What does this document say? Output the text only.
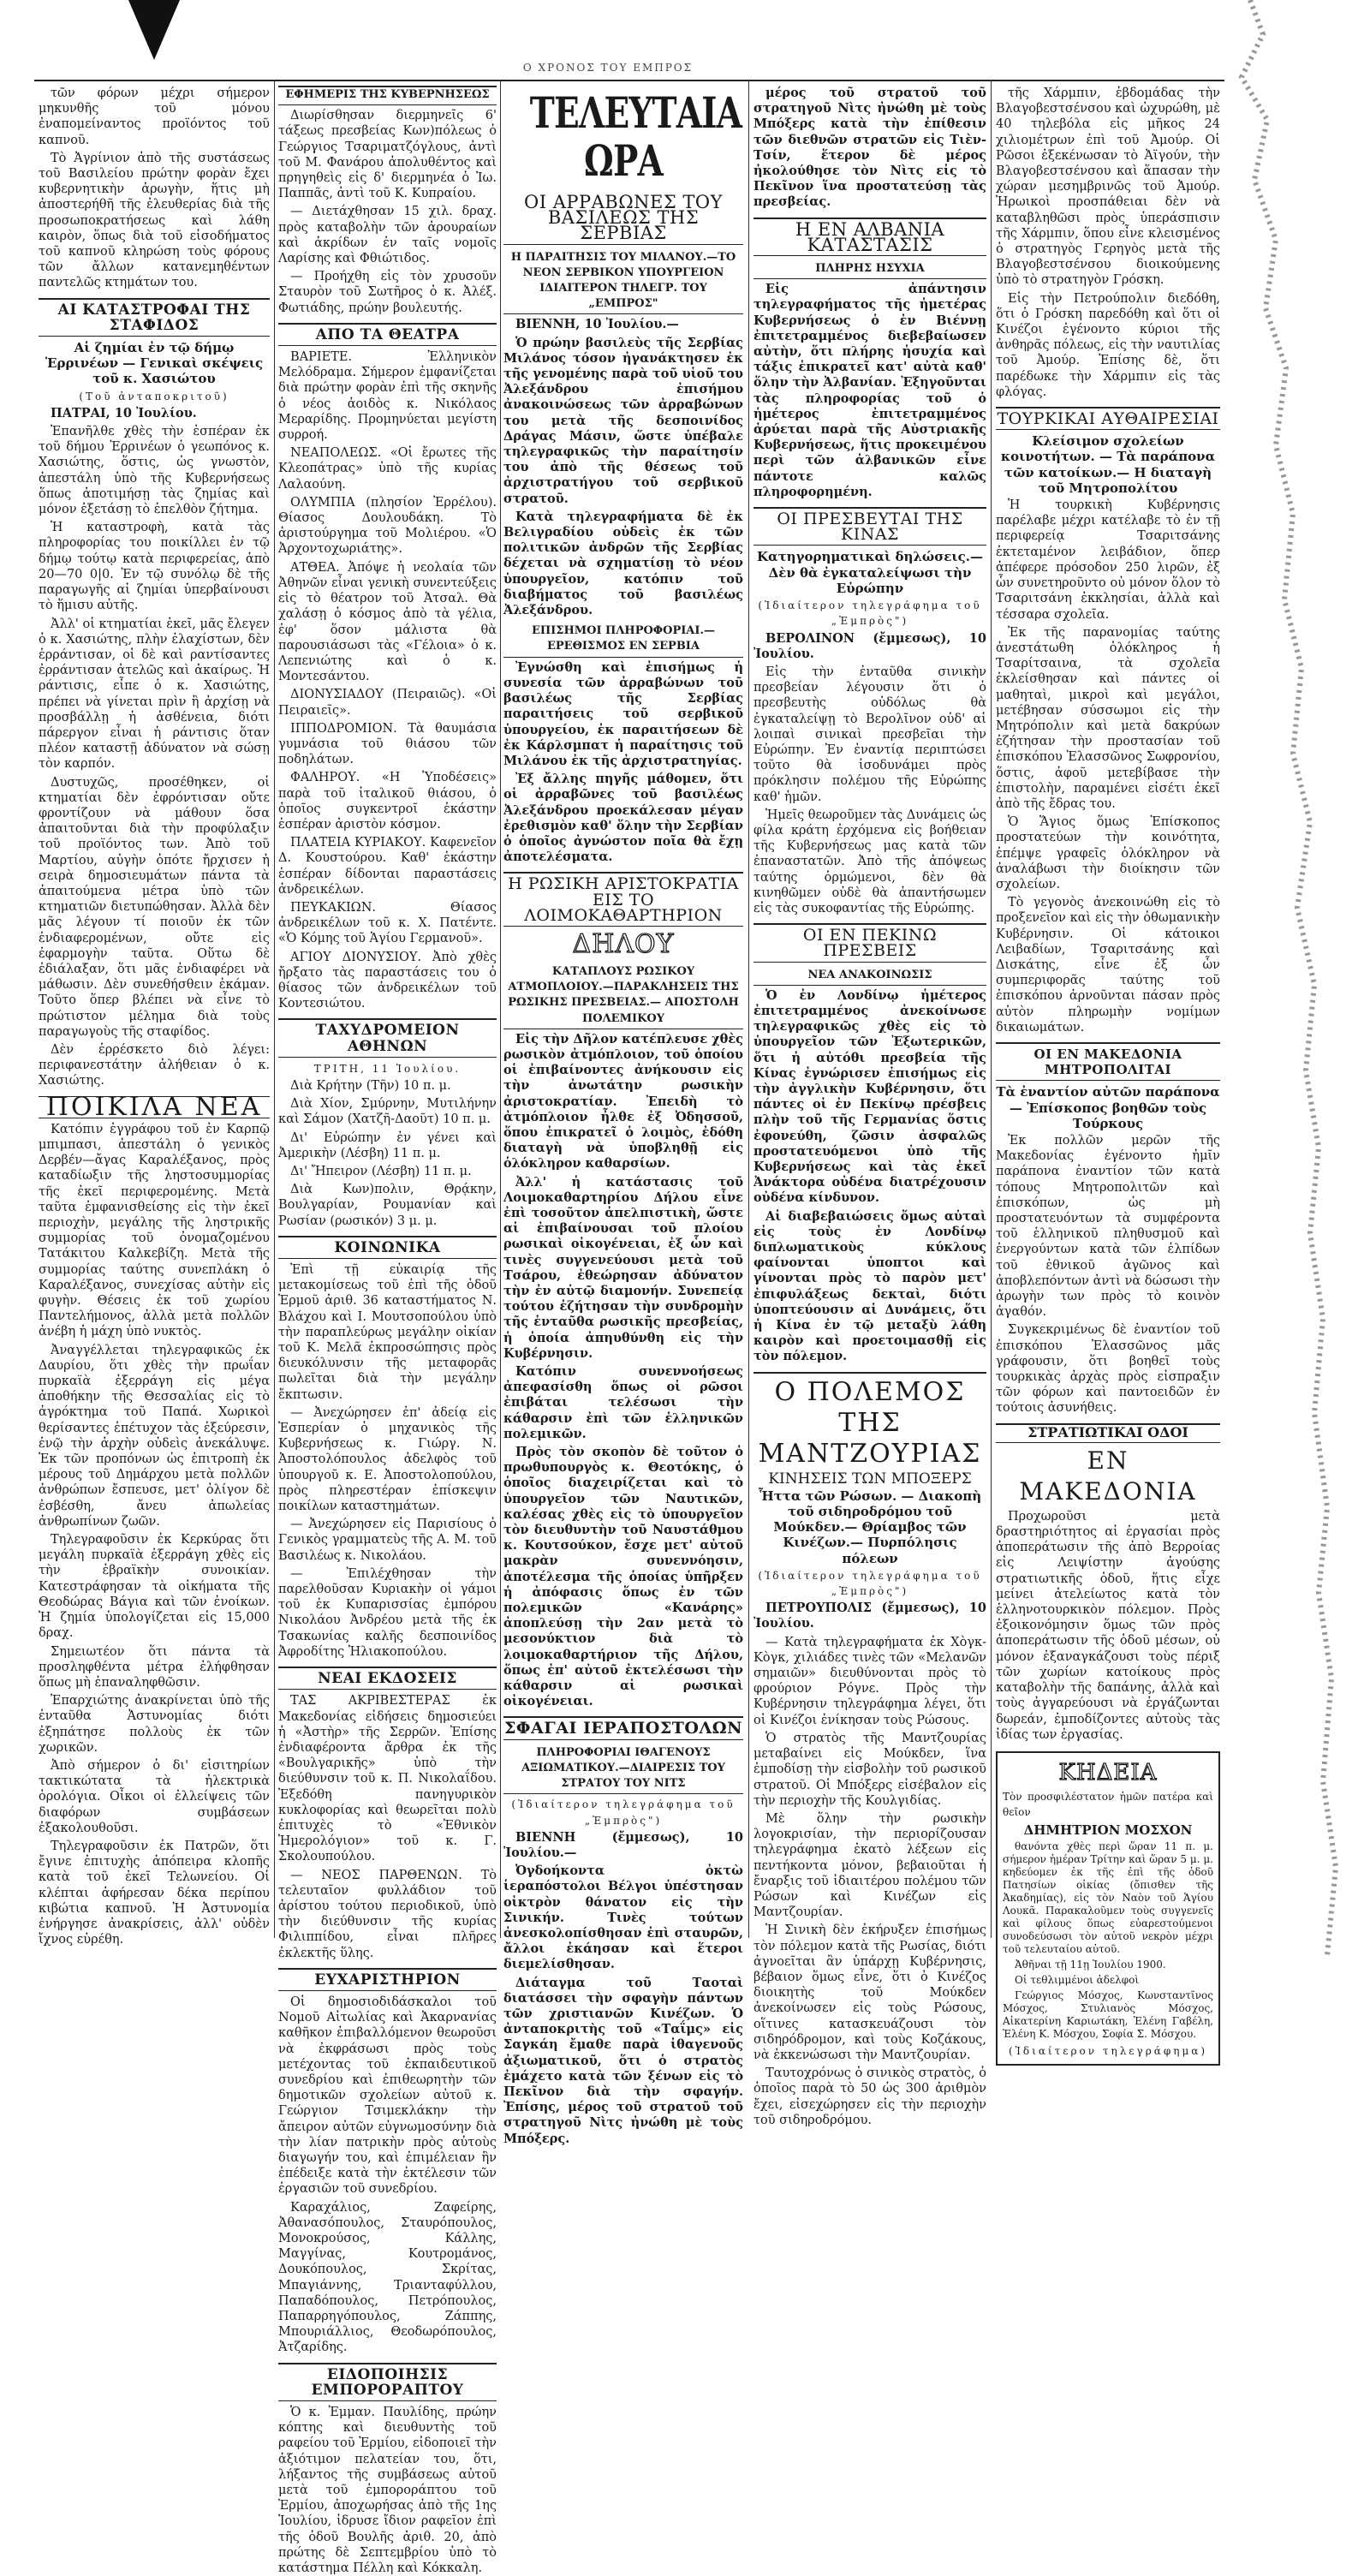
Ο ΧΡΟΝΟΣ ΤΟΥ ΕΜΠΡΟΣ

τῶν φόρων μέχρι σήμερον μηκυνθῆς τοῦ μόνου ἐναπομείναντος προϊόντος τοῦ καπνοῦ.

Τὸ Ἀγρίνιον ἀπὸ τῆς συστάσεως τοῦ Βασιλείου πρώτην φορὰν ἔχει κυβερνητικὴν ἀρωγὴν, ἥτις μὴ ἀποστερήθῆ τῆς ἐλευθερίας διὰ τῆς προσωποκρατήσεως καὶ λάθη καιρὸν, ὅπως διὰ τοῦ εἰσοδήματος τοῦ καπνοῦ κληρώση τοὺς φόρους τῶν ἄλλων κατανεμηθέντων παντελῶς κτημάτων του.

ΑΙ ΚΑΤΑΣΤΡΟΦΑΙ ΤΗΣ ΣΤΑΦΙΔΟΣ
Αἱ ζημίαι ἐν τῷ δήμῳ Ἐρρινέων — Γενικαὶ σκέψεις τοῦ κ. Χασιώτου
(Τοῦ ἀνταποκριτοῦ)

ΠΑΤΡΑΙ, 10 Ἰουλίου.

Ἐπανῆλθε χθὲς τὴν ἑσπέραν ἐκ τοῦ δήμου Ἐρρινέων ὁ γεωπόνος κ. Χασιώτης, ὅστις, ὡς γνωστὸν, ἀπεστάλη ὑπὸ τῆς Κυβερνήσεως ὅπως ἀποτιμήσῃ τὰς ζημίας καὶ μόνον ἐξετάσῃ τὸ ἐπελθὸν ζήτημα.

Ἡ καταστροφὴ, κατὰ τὰς πληροφορίας του ποικίλλει ἐν τῷ δήμῳ τούτῳ κατὰ περιφερείας, ἀπὸ 20—70 0|0. Ἐν τῷ συνόλῳ δὲ τῆς παραγωγῆς αἱ ζημίαι ὑπερβαίνουσι τὸ ἥμισυ αὐτῆς.

Ἀλλ' οἱ κτηματίαι ἐκεῖ, μᾶς ἔλεγεν ὁ κ. Χασιώτης, πλὴν ἐλαχίστων, δὲν ἐρράντισαν, οἱ δὲ καὶ ραντίσαντες ἐρράντισαν ἀτελῶς καὶ ἀκαίρως. Ἡ ράντισις, εἶπε ὁ κ. Χασιώτης, πρέπει νὰ γίνεται πρὶν ἢ ἀρχίσῃ νὰ προσβάλλῃ ἡ ἀσθένεια, διότι πάρεργον εἶναι ἡ ράντισις ὅταν πλέον καταστῇ ἀδύνατον νὰ σώσῃ τὸν καρπόν.

Δυστυχῶς, προσέθηκεν, οἱ κτηματίαι δὲν ἐφρόντισαν οὔτε φροντίζουν νὰ μάθουν ὅσα ἀπαιτοῦνται διὰ τὴν προφύλαξιν τοῦ προϊόντος των. Ἀπὸ τοῦ Μαρτίου, αὐγὴν ὁπότε ἤρχισεν ἡ σειρὰ δημοσιευμάτων πάντα τὰ ἀπαιτούμενα μέτρα ὑπὸ τῶν κτηματιῶν διετυπώθησαν. Ἀλλὰ δὲν μᾶς λέγουν τί ποιοῦν ἐκ τῶν ἐνδιαφερομένων, οὔτε εἰς ἐφαρμογὴν ταῦτα. Οὕτω δὲ ἐδιάλαξαν, ὅτι μᾶς ἐνδιαφέρει νὰ μάθωσιν. Δὲν συνεθήσθειν ἐκάμαν. Τοῦτο ὅπερ βλέπει νὰ εἶνε τὸ πρώτιστον μέλημα διὰ τοὺς παραγωγοὺς τῆς σταφίδος.

Δὲν ἐρρέσκετο διὸ λέγει: περιφανεστάτην ἀλήθειαν ὁ κ. Χασιώτης.

ΠΟΙΚΙΛΑ ΝΕΑ

Κατόπιν ἐγγράφου τοῦ ἐν Καρπῷ μπιμπασι, ἀπεστάλη ὁ γενικὸς Δερβέν—ἄγας Καραλέξανος, πρὸς καταδίωξιν τῆς ληστοσυμμορίας τῆς ἐκεῖ περιφερομένης. Μετὰ ταῦτα ἐμφανισθείσης εἰς τὴν ἐκεῖ περιοχὴν, μεγάλης τῆς ληστρικῆς συμμορίας τοῦ ὀνομαζομένου Τατάκιτου Καλκεβίζη. Μετὰ τῆς συμμορίας ταύτης συνεπλάκη ὁ Καραλέξανος, συνεχίσας αὐτὴν εἰς φυγὴν. Θέσεις ἐκ τοῦ χωρίου Παντελήμονος, ἀλλὰ μετὰ πολλῶν ἀνέβη ἡ μάχη ὑπὸ νυκτὸς.

Ἀναγγέλλεται τηλεγραφικῶς ἐκ Δαυρίου, ὅτι χθὲς τὴν πρωΐαν πυρκαϊὰ ἐξερράγη εἰς μέγα ἀποθήκην τῆς Θεσσαλίας εἰς τὸ ἀγρόκτημα τοῦ Παπά. Χωρικοὶ θερίσαντες ἐπέτυχον τὰς ἐξεύρεσιν, ἐνῷ τὴν ἀρχὴν οὐδεὶς ἀνεκάλυψε. Ἐκ τῶν προπόνων ὡς ἐπιτροπὴ ἐκ μέρους τοῦ Δημάρχου μετὰ πολλῶν ἀνθρώπων ἔσπευσε, μετ' ὀλίγον δὲ ἐσβέσθη, ἄνευ ἀπωλείας ἀνθρωπίνων ζωῶν.

Τηλεγραφοῦσιν ἐκ Κερκύρας ὅτι μεγάλη πυρκαϊὰ ἐξερράγη χθὲς εἰς τὴν ἑβραϊκὴν συνοικίαν. Κατεστράφησαν τὰ οἰκήματα τῆς Θεοδώρας Βάγια καὶ τῶν ἐνοίκων. Ἡ ζημία ὑπολογίζεται εἰς 15,000 δραχ.

Σημειωτέον ὅτι πάντα τὰ προσληφθέντα μέτρα ἐλήφθησαν ὅπως μὴ ἐπαναληφθῶσιν.

Ἐπαρχιώτης ἀνακρίνεται ὑπὸ τῆς ἐνταῦθα Ἀστυνομίας διότι ἐξηπάτησε πολλοὺς ἐκ τῶν χωρικῶν.

Ἀπὸ σήμερον ὁ δι' εἰσιτηρίων τακτικώτατα τὰ ἠλεκτρικὰ ὁρολόγια. Οἶκοι οἱ ἐλλείψεις τῶν διαφόρων συμβάσεων ἐξακολουθοῦσι.

Τηλεγραφοῦσιν ἐκ Πατρῶν, ὅτι ἔγινε ἐπιτυχὴς ἀπόπειρα κλοπῆς κατὰ τοῦ ἐκεῖ Τελωνείου. Οἱ κλέπται ἀφήρεσαν δέκα περίπου κιβώτια καπνοῦ. Ἡ Ἀστυνομία ἐνήργησε ἀνακρίσεις, ἀλλ' οὐδὲν ἴχνος εὑρέθη.

ΕΦΗΜΕΡΙΣ ΤΗΣ ΚΥΒΕΡΝΗΣΕΩΣ

Διωρίσθησαν διερμηνεῖς 6' τάξεως πρεσβείας Κων)πόλεως ὁ Γεώργιος Τσαριματζόγλους, ἀντὶ τοῦ Μ. Φανάρου ἀπολυθέντος καὶ πρηγηθεὶς εἰς δ' διερμηνέα ὁ Ἰω. Παππᾶς, ἀντὶ τοῦ Κ. Κυπραίου.

— Διετάχθησαν 15 χιλ. δραχ. πρὸς καταβολὴν τῶν ἀρουραίων καὶ ἀκρίδων ἐν ταῖς νομοῖς Λαρίσης καὶ Φθιώτιδος.

— Προήχθη εἰς τὸν χρυσοῦν Σταυρὸν τοῦ Σωτῆρος ὁ κ. Ἀλέξ. Φωτιάδης, πρώην βουλευτής.

ΑΠΟ ΤΑ ΘΕΑΤΡΑ

ΒΑΡΙΕΤΕ. Ἑλληνικὸν Μελόδραμα. Σήμερον ἐμφανίζεται διὰ πρώτην φορὰν ἐπὶ τῆς σκηνῆς ὁ νέος ἀοιδὸς κ. Νικόλαος Μεραρίδης. Προμηνύεται μεγίστη συρροή.

ΝΕΑΠΟΛΕΩΣ. «Οἱ ἔρωτες τῆς Κλεοπάτρας» ὑπὸ τῆς κυρίας Λαλαούνη.

ΟΛΥΜΠΙΑ (πλησίον Ἐρρέλου). Θίασος Δουλουδάκη. Τὸ ἀριστούργημα τοῦ Μολιέρου. «Ὁ Ἀρχοντοχωριάτης».

ΑΤΘΕΑ. Ἀπόψε ἡ νεολαία τῶν Ἀθηνῶν εἶναι γενικὴ συνεντεύξεις εἰς τὸ θέατρον τοῦ Ἀτσαλ. Θὰ χαλάσῃ ὁ κόσμος ἀπὸ τὰ γέλια, ἐφ' ὅσον μάλιστα θὰ παρουσιάσωσι τὰς «Γέλοια» ὁ κ. Λεπενιώτης καὶ ὁ κ. Μοντεσάντου.

ΔΙΟΝΥΣΙΑΔΟΥ (Πειραιῶς). «Οἱ Πειραιεῖς».

ΙΠΠΟΔΡΟΜΙΟΝ. Τὰ θαυμάσια γυμνάσια τοῦ θιάσου τῶν ποδηλάτων.

ΦΑΛΗΡΟΥ. «Η Ὑποδέσεις» παρὰ τοῦ ἰταλικοῦ θιάσου, ὁ ὁποῖος συγκεντροῖ ἐκάστην ἑσπέραν ἀριστὸν κόσμον.

ΠΛΑΤΕΙΑ ΚΥΡΙΑΚΟΥ. Καφενεῖον Δ. Κουστούρου. Καθ' ἑκάστην ἑσπέραν δίδονται παραστάσεις ἀνδρεικέλων.

ΠΕΥΚΑΚΙΩΝ. Θίασος ἀνδρεικέλων τοῦ κ. Χ. Πατέντε. «Ὁ Κόμης τοῦ Ἁγίου Γερμανοῦ».

ΑΓΙΟΥ ΔΙΟΝΥΣΙΟΥ. Ἀπὸ χθὲς ἤρξατο τὰς παραστάσεις του ὁ θίασος τῶν ἀνδρεικέλων τοῦ Κοντεσιώτου.

ΤΑΧΥΔΡΟΜΕΙΟΝ ΑΘΗΝΩΝ
ΤΡΙΤΗ, 11 Ἰουλίου.

Διὰ Κρήτην (Τῆν) 10 π. μ.

Διὰ Χίον, Σμύρνην, Μυτιλήνην καὶ Σάμον (Χατζῆ-Δαοῦτ) 10 π. μ.

Δι' Εὐρώπην ἐν γένει καὶ Ἀμερικὴν (Λέσβη) 11 π. μ.

Δι' Ἤπειρον (Λέσβη) 11 π. μ.

Διὰ Κων)πολιν, Θρᾴκην, Βουλγαρίαν, Ρουμανίαν καὶ Ρωσίαν (ρωσικόν) 3 μ. μ.

ΚΟΙΝΩΝΙΚΑ

Ἐπὶ τῇ εὐκαιρίᾳ τῆς μετακομίσεως τοῦ ἐπὶ τῆς ὁδοῦ Ἑρμοῦ ἀριθ. 36 καταστήματος Ν. Βλάχου καὶ Ι. Μουτσοπούλου ὑπὸ τὴν παραπλεύρως μεγάλην οἰκίαν τοῦ Κ. Μελᾶ ἐκπροσώπησις πρὸς διευκόλυνσιν τῆς μεταφορᾶς πωλεῖται διὰ τὴν μεγάλην ἔκπτωσιν.

— Ἀνεχώρησεν ἐπ' ἀδείᾳ εἰς Ἑσπερίαν ὁ μηχανικὸς τῆς Κυβερνήσεως κ. Γιώργ. Ν. Ἀποστολόπουλος ἀδελφὸς τοῦ ὑπουργοῦ κ. Ε. Ἀποστολοπούλου, πρὸς πληρεστέραν ἐπίσκεψιν ποικίλων καταστημάτων.

— Ἀνεχώρησεν εἰς Παρισίους ὁ Γενικὸς γραμματεὺς τῆς Α. Μ. τοῦ Βασιλέως κ. Νικολάου.

— Ἐπιλέχθησαν τὴν παρελθοῦσαν Κυριακὴν οἱ γάμοι τοῦ ἐκ Κυπαρισσίας ἐμπόρου Νικολάου Ἀνδρέου μετὰ τῆς ἐκ Τσακωνίας καλῆς δεσποινίδος Ἀφροδίτης Ἠλιακοπούλου.

ΝΕΑΙ ΕΚΔΟΣΕΙΣ

ΤΑΣ ΑΚΡΙΒΕΣΤΕΡΑΣ ἐκ Μακεδονίας εἰδήσεις δημοσιεύει ἡ «Ἀστὴρ» τῆς Σερρῶν. Ἐπίσης ἐνδιαφέροντα ἄρθρα ἐκ τῆς «Βουλγαρικῆς» ὑπὸ τὴν διεύθυνσιν τοῦ κ. Π. Νικολαΐδου. Ἐξεδόθη πανηγυρικὸν κυκλοφορίας καὶ θεωρεῖται πολὺ ἐπιτυχὲς τὸ «Ἐθνικὸν Ἡμερολόγιον» τοῦ κ. Γ. Σκολουπούλου.

— ΝΕΟΣ ΠΑΡΘΕΝΩΝ. Τὸ τελευταῖον φυλλάδιον τοῦ ἀρίστου τούτου περιοδικοῦ, ὑπὸ τὴν διεύθυνσιν τῆς κυρίας Φιλιππίδου, εἶναι πλῆρες ἐκλεκτῆς ὕλης.

ΕΥΧΑΡΙΣΤΗΡΙΟΝ

Οἱ δημοσιοδιδάσκαλοι τοῦ Νομοῦ Αἰτωλίας καὶ Ἀκαρνανίας καθῆκον ἐπιβαλλόμενον θεωροῦσι νὰ ἐκφράσωσι πρὸς τοὺς μετέχοντας τοῦ ἐκπαιδευτικοῦ συνεδρίου καὶ ἐπιθεωρητὴν τῶν δημοτικῶν σχολείων αὐτοῦ κ. Γεώργιον Τσιμεκλάκην τὴν ἄπειρον αὐτῶν εὐγνωμοσύνην διὰ τὴν λίαν πατρικὴν πρὸς αὐτοὺς διαγωγήν του, καὶ ἐπιμέλειαν ἣν ἐπέδειξε κατὰ τὴν ἐκτέλεσιν τῶν ἐργασιῶν τοῦ συνεδρίου.

Καραχάλιος, Ζαφείρης, Ἀθανασόπουλος, Σταυρόπουλος, Μονοκρούσος, Κάλλης, Μαγγίνας, Κουτρομάνος, Δουκόπουλος, Σκρίτας, Μπαγιάννης, Τριανταφύλλου, Παπαδόπουλος, Πετρόπουλος, Παπαρρηγόπουλος, Ζάππης, Μπουριάλλιος, Θεοδωρόπουλος, Ἀτζαρίδης.

ΕΙΔΟΠΟΙΗΣΙΣ ΕΜΠΟΡΟΡΑΠΤΟΥ

Ὁ κ. Ἐμμαν. Παυλίδης, πρώην κόπτης καὶ διευθυντὴς τοῦ ραφείου τοῦ Ἑρμίου, εἰδοποιεῖ τὴν ἀξιότιμον πελατείαν του, ὅτι, λήξαντος τῆς συμβάσεως αὐτοῦ μετὰ τοῦ ἐμποροράπτου τοῦ Ἑρμίου, ἀποχωρήσας ἀπὸ τῆς 1ης Ἰουλίου, ἱδρυσε ἴδιον ραφεῖον ἐπὶ τῆς ὁδοῦ Βουλῆς ἀριθ. 20, ἀπὸ πρώτης δὲ Σεπτεμβρίου ὑπὸ τὸ κατάστημα Πέλλη καὶ Κόκκαλη.

ΤΕΛΕΥΤΑΙΑ ΩΡΑ
ΟΙ ΑΡΡΑΒΩΝΕΣ ΤΟΥ ΒΑΣΙΛΕΩΣ ΤΗΣ ΣΕΡΒΙΑΣ
Η ΠΑΡΑΙΤΗΣΙΣ ΤΟΥ ΜΙΛΑΝΟΥ.—ΤΟ ΝΕΟΝ ΣΕΡΒΙΚΟΝ ΥΠΟΥΡΓΕΙΟΝ ΙΔΙΑΙΤΕΡΟΝ ΤΗΛΕΓΡ. ΤΟΥ „ΕΜΠΡΟΣ"

ΒΙΕΝΝΗ, 10 Ἰουλίου.—

Ὁ πρώην βασιλεὺς τῆς Σερβίας Μιλάνος τόσον ἠγανάκτησεν ἐκ τῆς γενομένης παρὰ τοῦ υἱοῦ του Ἀλεξάνδρου ἐπισήμου ἀνακοινώσεως τῶν ἀρραβώνων του μετὰ τῆς δεσποινίδος Δράγας Μάσιν, ὥστε ὑπέβαλε τηλεγραφικῶς τὴν παραίτησίν του ἀπὸ τῆς θέσεως τοῦ ἀρχιστρατήγου τοῦ σερβικοῦ στρατοῦ.

Κατὰ τηλεγραφήματα δὲ ἐκ Βελιγραδίου οὐδεὶς ἐκ τῶν πολιτικῶν ἀνδρῶν τῆς Σερβίας δέχεται νὰ σχηματίσῃ τὸ νέον ὑπουργεῖον, κατόπιν τοῦ διαβήματος τοῦ βασιλέως Ἀλεξάνδρου.

ΕΠΙΣΗΜΟΙ ΠΛΗΡΟΦΟΡΙΑΙ.— ΕΡΕΘΙΣΜΟΣ ΕΝ ΣΕΡΒΙΑ

Ἐγνώσθη καὶ ἐπισήμως ἡ συνεσία τῶν ἀρραβώνων τοῦ βασιλέως τῆς Σερβίας παραιτήσεις τοῦ σερβικοῦ ὑπουργείου, ἐκ παραιτήσεων δὲ ἐκ Κάρλσμπατ ἡ παραίτησις τοῦ Μιλάνου ἐκ τῆς ἀρχιστρατηγίας.

Ἐξ ἄλλης πηγῆς μάθομεν, ὅτι οἱ ἀρραβῶνες τοῦ βασιλέως Ἀλεξάνδρου προεκάλεσαν μέγαν ἐρεθισμὸν καθ' ὅλην τὴν Σερβίαν ὁ ὁποῖος ἀγνώστον ποῖα θὰ ἔχῃ ἀποτελέσματα.

Η ΡΩΣΙΚΗ ΑΡΙΣΤΟΚΡΑΤΙΑ ΕΙΣ ΤΟ ΛΟΙΜΟΚΑΘΑΡΤΗΡΙΟΝ
ΔΗΛΟΥ
ΚΑΤΑΠΛΟΥΣ ΡΩΣΙΚΟΥ ΑΤΜΟΠΛΟΙΟΥ.—ΠΑΡΑΚΛΗΣΕΙΣ ΤΗΣ ΡΩΣΙΚΗΣ ΠΡΕΣΒΕΙΑΣ.— ΑΠΟΣΤΟΛΗ ΠΟΛΕΜΙΚΟΥ

Εἰς τὴν Δῆλον κατέπλευσε χθὲς ρωσικὸν ἀτμόπλοιον, τοῦ ὁποίου οἱ ἐπιβαίνοντες ἀνήκουσιν εἰς τὴν ἀνωτάτην ρωσικὴν ἀριστοκρατίαν. Ἐπειδὴ τὸ ἀτμόπλοιον ἦλθε ἐξ Ὀδησσοῦ, ὅπου ἐπικρατεῖ ὁ λοιμὸς, ἐδόθη διαταγὴ νὰ ὑποβληθῇ εἰς ὁλόκληρον καθαρσίων.

Ἀλλ' ἡ κατάστασις τοῦ Λοιμοκαθαρτηρίου Δήλου εἶνε ἐπὶ τοσοῦτον ἀπελπιστικὴ, ὥστε αἱ ἐπιβαίνουσαι τοῦ πλοίου ρωσικαὶ οἰκογένειαι, ἐξ ὧν καὶ τινὲς συγγενεύουσι μετὰ τοῦ Τσάρου, ἐθεώρησαν ἀδύνατον τὴν ἐν αὐτῷ διαμονήν. Συνεπείᾳ τούτου ἐζήτησαν τὴν συνδρομὴν τῆς ἐνταῦθα ρωσικῆς πρεσβείας, ἡ ὁποία ἀπηυθύνθη εἰς τὴν Κυβέρνησιν.

Κατόπιν συνεννοήσεως ἀπεφασίσθη ὅπως οἱ ρῶσοι ἐπιβάται τελέσωσι τὴν κάθαρσιν ἐπὶ τῶν ἑλληνικῶν πολεμικῶν.

Πρὸς τὸν σκοπὸν δὲ τοῦτον ὁ πρωθυπουργὸς κ. Θεοτόκης, ὁ ὁποῖος διαχειρίζεται καὶ τὸ ὑπουργεῖον τῶν Ναυτικῶν, καλέσας χθὲς εἰς τὸ ὑπουργεῖον τὸν διευθυντὴν τοῦ Ναυστάθμου κ. Κουτσούκον, ἔσχε μετ' αὐτοῦ μακρὰν συνεννόησιν, ἀποτέλεσμα τῆς ὁποίας ὑπῆρξεν ἡ ἀπόφασις ὅπως ἐν τῶν πολεμικῶν «Κανάρης» ἀποπλεύσῃ τὴν 2αν μετὰ τὸ μεσονύκτιον διὰ τὸ λοιμοκαθαρτήριον τῆς Δήλου, ὅπως ἐπ' αὐτοῦ ἐκτελέσωσι τὴν κάθαρσιν αἱ ρωσικαὶ οἰκογένειαι.

ΣΦΑΓΑΙ ΙΕΡΑΠΟΣΤΟΛΩΝ
ΠΛΗΡΟΦΟΡΙΑΙ ΙΘΑΓΕΝΟΥΣ ΑΞΙΩΜΑΤΙΚΟΥ.—ΔΙΑΙΡΕΣΙΣ ΤΟΥ ΣΤΡΑΤΟΥ ΤΟΥ ΝΙΤΣ
(Ἰδιαίτερον τηλεγράφημα τοῦ „Ἐμπρὸς")

ΒΙΕΝΝΗ (ἔμμεσως), 10 Ἰουλίου.—

Ὀγδοήκοντα ὀκτὼ ἱεραπόστολοι Βέλγοι ὑπέστησαν οἰκτρὸν θάνατον εἰς τὴν Σινικήν. Τινὲς τούτων ἀνεσκολοπίσθησαν ἐπὶ σταυρῶν, ἄλλοι ἐκάησαν καὶ ἕτεροι διεμελίσθησαν.

Διάταγμα τοῦ Ταοταὶ διατάσσει τὴν σφαγὴν πάντων τῶν χριστιανῶν Κινέζων. Ὁ ἀνταποκριτὴς τοῦ «Ταΐμς» εἰς Σαγκάη ἔμαθε παρὰ ἰθαγενοῦς ἀξιωματικοῦ, ὅτι ὁ στρατὸς ἐμάχετο κατὰ τῶν ξένων εἰς τὸ Πεκῖνον διὰ τὴν σφαγήν. Ἐπίσης, μέρος τοῦ στρατοῦ τοῦ στρατηγοῦ Νὶτς ἠνώθη μὲ τοὺς Μπόξερς.

μέρος τοῦ στρατοῦ τοῦ στρατηγοῦ Νὶτς ἠνώθη μὲ τοὺς Μπόξερς κατὰ τὴν ἐπίθεσιν τῶν διεθνῶν στρατῶν εἰς Τιὲν-Τσίν, ἕτερον δὲ μέρος ἠκολούθησε τὸν Νὶτς εἰς τὸ Πεκῖνον ἵνα προστατεύσῃ τὰς πρεσβείας.

Η ΕΝ ΑΛΒΑΝΙΑ ΚΑΤΑΣΤΑΣΙΣ
ΠΛΗΡΗΣ ΗΣΥΧΙΑ

Εἰς ἀπάντησιν τηλεγραφήματος τῆς ἡμετέρας Κυβερνήσεως ὁ ἐν Βιέννῃ ἐπιτετραμμένος διεβεβαίωσεν αὐτὴν, ὅτι πλήρης ἡσυχία καὶ τάξις ἐπικρατεῖ κατ' αὐτὰ καθ' ὅλην τὴν Ἀλβανίαν. Ἐξηγοῦνται τὰς πληροφορίας τοῦ ὁ ἡμέτερος ἐπιτετραμμένος ἀρύεται παρὰ τῆς Αὐστριακῆς Κυβερνήσεως, ἥτις προκειμένου περὶ τῶν ἀλβανικῶν εἶνε πάντοτε καλῶς πληροφορημένη.

ΟΙ ΠΡΕΣΒΕΥΤΑΙ ΤΗΣ ΚΙΝΑΣ
Κατηγορηματικαὶ δηλώσεις.— Δὲν θὰ ἐγκαταλείψωσι τὴν Εὐρώπην
(Ἰδιαίτερον τηλεγράφημα τοῦ „Ἐμπρὸς")

ΒΕΡΟΛΙΝΟΝ (ἔμμεσως), 10 Ἰουλίου.

Εἰς τὴν ἐνταῦθα σινικὴν πρεσβείαν λέγουσιν ὅτι ὁ πρεσβευτὴς οὐδόλως θὰ ἐγκαταλείψῃ τὸ Βερολῖνον οὐδ' αἱ λοιπαὶ σινικαὶ πρεσβεῖαι τὴν Εὐρώπην. Ἐν ἐναντίᾳ περιπτώσει τοῦτο θὰ ἰσοδυνάμει πρὸς πρόκλησιν πολέμου τῆς Εὐρώπης καθ' ἡμῶν.

Ἡμεῖς θεωροῦμεν τὰς Δυνάμεις ὡς φίλα κράτη ἐρχόμενα εἰς βοήθειαν τῆς Κυβερνήσεως μας κατὰ τῶν ἐπαναστατῶν. Ἀπὸ τῆς ἀπόψεως ταύτης ὁρμώμενοι, δὲν θὰ κινηθῶμεν οὐδὲ θὰ ἀπαντήσωμεν εἰς τὰς συκοφαντίας τῆς Εὐρώπης.

ΟΙ ΕΝ ΠΕΚΙΝΩ ΠΡΕΣΒΕΙΣ
ΝΕΑ ΑΝΑΚΟΙΝΩΣΙΣ

Ὁ ἐν Λονδίνῳ ἡμέτερος ἐπιτετραμμένος ἀνεκοίνωσε τηλεγραφικῶς χθὲς εἰς τὸ ὑπουργεῖον τῶν Ἐξωτερικῶν, ὅτι ἡ αὐτόθι πρεσβεία τῆς Κίνας ἐγνώρισεν ἐπισήμως εἰς τὴν ἀγγλικὴν Κυβέρνησιν, ὅτι πάντες οἱ ἐν Πεκίνῳ πρέσβεις πλὴν τοῦ τῆς Γερμανίας ὅστις ἐφονεύθη, ζῶσιν ἀσφαλῶς προστατευόμενοι ὑπὸ τῆς Κυβερνήσεως καὶ τὰς ἐκεῖ Ἀνάκτορα οὐδένα διατρέχουσιν οὐδένα κίνδυνον.

Αἱ διαβεβαιώσεις ὅμως αὐταὶ εἰς τοὺς ἐν Λονδίνῳ διπλωματικοὺς κύκλους φαίνονται ὑποπτοι καὶ γίνονται πρὸς τὸ παρὸν μετ' ἐπιφυλάξεως δεκταὶ, διότι ὑποπτεύουσιν αἱ Δυνάμεις, ὅτι ἡ Κίνα ἐν τῷ μεταξὺ λάθη καιρὸν καὶ προετοιμασθῇ εἰς τὸν πόλεμον.

Ο ΠΟΛΕΜΟΣ ΤΗΣ ΜΑΝΤΖΟΥΡΙΑΣ
ΚΙΝΗΣΕΙΣ ΤΩΝ ΜΠΟΞΕΡΣ
Ἧττα τῶν Ρώσων. — Διακοπὴ τοῦ σιδηροδρόμου τοῦ Μούκδεν.— Θρίαμβος τῶν Κινέζων.— Πυρπόλησις πόλεων
(Ἰδιαίτερον τηλεγράφημα τοῦ „Ἐμπρὸς")

ΠΕΤΡΟΥΠΟΛΙΣ (ἔμμεσως), 10 Ἰουλίου.

— Κατὰ τηλεγραφήματα ἐκ Χὸγκ-Κὸγκ, χιλιάδες τινὲς τῶν «Μελανῶν σημαιῶν» διευθύνονται πρὸς τὸ φρούριον Ρόγνε. Πρὸς τὴν Κυβέρνησιν τηλεγράφημα λέγει, ὅτι οἱ Κινέζοι ἐνίκησαν τοὺς Ρώσους.

Ὁ στρατὸς τῆς Μαντζουρίας μεταβαίνει εἰς Μούκδεν, ἵνα ἐμποδίσῃ τὴν εἰσβολὴν τοῦ ρωσικοῦ στρατοῦ. Οἱ Μπόξερς εἰσέβαλον εἰς τὴν περιοχὴν τῆς Κουλγιδίας.

Μὲ ὅλην τὴν ρωσικὴν λογοκρισίαν, τὴν περιορίζουσαν τηλεγράφημα ἑκατὸ λέξεων εἰς πεντήκοντα μόνον, βεβαιοῦται ἡ ἔναρξις τοῦ ἰδιαιτέρου πολέμου τῶν Ρώσων καὶ Κινέζων εἰς Μαντζουρίαν.

Ἡ Σινικὴ δὲν ἐκήρυξεν ἐπισήμως τὸν πόλεμον κατὰ τῆς Ρωσίας, διότι ἀγνοεῖται ἂν ὑπάρχῃ Κυβέρνησις, βέβαιον ὅμως εἶνε, ὅτι ὁ Κινέζος διοικητὴς τοῦ Μούκδεν ἀνεκοίνωσεν εἰς τοὺς Ρώσους, οἵτινες κατασκευάζουσι τὸν σιδηρόδρομον, καὶ τοὺς Κοζάκους, νὰ ἐκκενώσωσι τὴν Μαντζουρίαν.

Ταυτοχρόνως ὁ σινικὸς στρατὸς, ὁ ὁποῖος παρὰ τὸ 50 ὡς 300 ἀριθμὸν ἔχει, εἰσεχώρησεν εἰς τὴν περιοχὴν τοῦ σιδηροδρόμου.

τῆς Χάρμπιν, ἑβδομάδας τὴν Βλαγοβεστσένσου καὶ ὠχυρώθη, μὲ 40 τηλεβόλα εἰς μῆκος 24 χιλιομέτρων ἐπὶ τοῦ Ἀμούρ. Οἱ Ρῶσοι ἐξεκένωσαν τὸ Ἀϊγούν, τὴν Βλαγοβεστσένσου καὶ ἅπασαν τὴν χώραν μεσημβρινῶς τοῦ Ἀμούρ. Ἡρωικοὶ προσπάθειαι δὲν νὰ καταβληθῶσι πρὸς ὑπεράσπισιν τῆς Χάρμπιν, ὅπου εἶνε κλεισμένος ὁ στρατηγὸς Γερηγὸς μετὰ τῆς Βλαγοβεστσένσου διοικούμενης ὑπὸ τὸ στρατηγὸν Γρόσκη.

Εἰς τὴν Πετρούπολιν διεδόθη, ὅτι ὁ Γρόσκη παρεδόθη καὶ ὅτι οἱ Κινέζοι ἐγένοντο κύριοι τῆς ἀνθηρᾶς πόλεως, εἰς τὴν ναυτιλίας τοῦ Ἀμούρ. Ἐπίσης δὲ, ὅτι παρέδωκε τὴν Χάρμπιν εἰς τὰς φλόγας.

ΤΟΥΡΚΙΚΑΙ ΑΥΘΑΙΡΕΣΙΑΙ
Κλείσιμον σχολείων κοινοτήτων. — Τὰ παράπονα τῶν κατοίκων.— Η διαταγὴ τοῦ Μητροπολίτου

Ἡ τουρκικὴ Κυβέρνησις παρέλαβε μέχρι κατέλαβε τὸ ἐν τῇ περιφερείᾳ Τσαριτσάνης ἐκτεταμένον λειβάδιον, ὅπερ ἀπέφερε πρόσοδον 250 λιρῶν, ἐξ ὧν συνετηροῦντο οὐ μόνον ὅλον τὸ Τσαριτσάνη ἐκκλησίαι, ἀλλὰ καὶ τέσσαρα σχολεῖα.

Ἐκ τῆς παρανομίας ταύτης ἀνεστάτωθη ὁλόκληρος ἡ Τσαρίτσαινα, τὰ σχολεῖα ἐκλείσθησαν καὶ πάντες οἱ μαθηταὶ, μικροὶ καὶ μεγάλοι, μετέβησαν σύσσωμοι εἰς τὴν Μητρόπολιν καὶ μετὰ δακρύων ἐζήτησαν τὴν προστασίαν τοῦ ἐπισκόπου Ἐλασσῶνος Σωφρονίου, ὅστις, ἀφοῦ μετεβίβασε τὴν ἐπιστολὴν, παραμένει εἰσέτι ἐκεῖ ἀπὸ τῆς ἔδρας του.

Ὁ Ἅγιος ὅμως Ἐπίσκοπος προστατεύων τὴν κοινότητα, ἐπέμψε γραφεῖς ὁλόκληρον νὰ ἀναλάβωσι τὴν διοίκησιν τῶν σχολείων.

Τὸ γεγονὸς ἀνεκοινώθη εἰς τὸ προξενεῖον καὶ εἰς τὴν ὀθωμανικὴν Κυβέρνησιν. Οἱ κάτοικοι Λειβαδίων, Τσαριτσάνης καὶ Δισκάτης, εἶνε ἐξ ὧν συμπεριφορᾶς ταύτης τοῦ ἐπισκόπου ἀρνοῦνται πάσαν πρὸς αὐτὸν πληρωμὴν νομίμων δικαιωμάτων.

ΟΙ ΕΝ ΜΑΚΕΔΟΝΙΑ ΜΗΤΡΟΠΟΛΙΤΑΙ
Τὰ ἐναντίον αὐτῶν παράπονα — Ἐπίσκοπος βοηθῶν τοὺς Τούρκους

Ἐκ πολλῶν μερῶν τῆς Μακεδονίας ἐγένοντο ἡμῖν παράπονα ἐναντίον τῶν κατὰ τόπους Μητροπολιτῶν καὶ ἐπισκόπων, ὡς μὴ προστατευόντων τὰ συμφέροντα τοῦ ἑλληνικοῦ πληθυσμοῦ καὶ ἐνεργούντων κατὰ τῶν ἐλπίδων τοῦ ἐθνικοῦ ἀγῶνος καὶ ἀποβλεπόντων ἀντὶ νὰ δώσωσι τὴν ἀρωγὴν των πρὸς τὸ κοινὸν ἀγαθόν.

Συγκεκριμένως δὲ ἐναντίον τοῦ ἐπισκόπου Ἐλασσῶνος μᾶς γράφουσιν, ὅτι βοηθεῖ τοὺς τουρκικὰς ἀρχὰς πρὸς εἰσπραξιν τῶν φόρων καὶ παντοειδῶν ἐν τούτοις ἀσυνήθεις.

ΣΤΡΑΤΙΩΤΙΚΑΙ ΟΔΟΙ
ΕΝ ΜΑΚΕΔΟΝΙΑ

Προχωροῦσι μετὰ δραστηριότητος αἱ ἐργασίαι πρὸς ἀποπεράτωσιν τῆς ἀπὸ Βερροίας εἰς Λειψίστην ἀγούσης στρατιωτικῆς ὁδοῦ, ἥτις εἶχε μείνει ἀτελείωτος κατὰ τὸν ἑλληνοτουρκικὸν πόλεμον. Πρὸς ἐξοικονόμησιν ὅμως τῶν πρὸς ἀποπεράτωσιν τῆς ὁδοῦ μέσων, οὐ μόνον ἐξαναγκάζουσι τοὺς πέριξ τῶν χωρίων κατοίκους πρὸς καταβολὴν τῆς δαπάνης, ἀλλὰ καὶ τοὺς ἀγγαρεύουσι νὰ ἐργάζωνται δωρεάν, ἐμποδίζοντες αὐτοὺς τὰς ἰδίας των ἐργασίας.

ΚΗΔΕΙΑ

Τὸν προσφιλέστατον ἡμῶν πατέρα καὶ θεῖον

ΔΗΜΗΤΡΙΟΝ ΜΟΣΧΟΝ

θανόντα χθὲς περὶ ὥραν 11 π. μ. σήμερον ἡμέραν Τρίτην καὶ ὥραν 5 μ. μ. κηδεύομεν ἐκ τῆς ἐπὶ τῆς ὁδοῦ Πατησίων οἰκίας (ὄπισθεν τῆς Ἀκαδημίας), εἰς τὸν Ναὸν τοῦ Ἁγίου Λουκᾶ. Παρακαλοῦμεν τοὺς συγγενεῖς καὶ φίλους ὅπως εὐαρεστούμενοι συνοδεύσωσι τὸν αὐτοῦ νεκρὸν μέχρι τοῦ τελευταίου αὐτοῦ.

Ἀθῆναι τῇ 11ῃ Ἰουλίου 1900.

Οἱ τεθλιμμένοι ἀδελφοὶ

Γεώργιος Μόσχος, Κωνσταντῖνος Μόσχος, Στυλιανὸς Μόσχος, Αἰκατερίνη Καριωτάκη, Ἑλένη Γαβέλη, Ἑλένη Κ. Μόσχου, Σοφία Σ. Μόσχου.

(Ἰδιαίτερον τηλεγράφημα)
